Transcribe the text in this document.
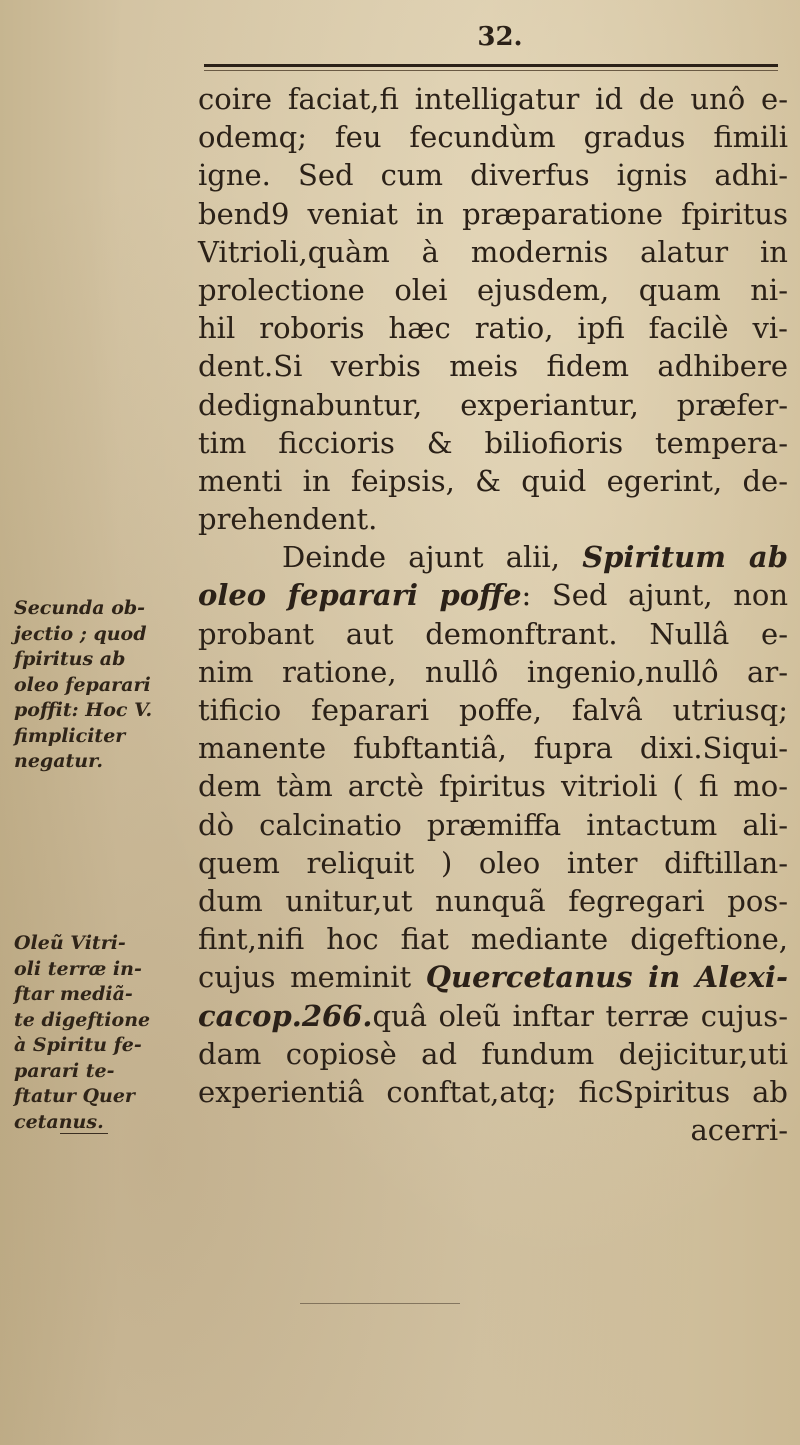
32.
coire faciat,fi intelligatur id de unô e-
odemq; feu fecundùm gradus fimili
igne. Sed cum diverfus ignis adhi-
bend9 veniat in præparatione fpiritus
Vitrioli,quàm à modernis alatur in
prolectione olei ejusdem, quam ni-
hil roboris hæc ratio, ipfi facilè vi-
dent.Si verbis meis fidem adhibere
dedignabuntur, experiantur, præfer-
tim ficcioris & biliofioris tempera-
menti in feipsis, & quid egerint, de-
prehendent.
Deinde ajunt alii, Spiritum ab
oleo feparari poffe: Sed ajunt, non
probant aut demonftrant. Nullâ e-
nim ratione, nullô ingenio,nullô ar-
tificio feparari poffe, falvâ utriusq;
manente fubftantiâ, fupra dixi.Siqui-
dem tàm arctè fpiritus vitrioli ( fi mo-
dò calcinatio præmiffa intactum ali-
quem reliquit ) oleo inter diftillan-
dum unitur,ut nunquã fegregari pos-
fint,nifi hoc fiat mediante digeftione,
cujus meminit Quercetanus in Alexi-
cacop.266.quâ oleũ inftar terræ cujus-
dam copiosè ad fundum dejicitur,uti
experientiâ conftat,atq; ficSpiritus ab
acerri-
Secunda ob-
jectio ; quod
fpiritus ab
oleo feparari
poffit: Hoc V.
fimpliciter
negatur.
Oleũ Vitri-
oli terræ in-
ftar mediã-
te digeftione
à Spiritu fe-
parari te-
ftatur Quer
cetanus.
